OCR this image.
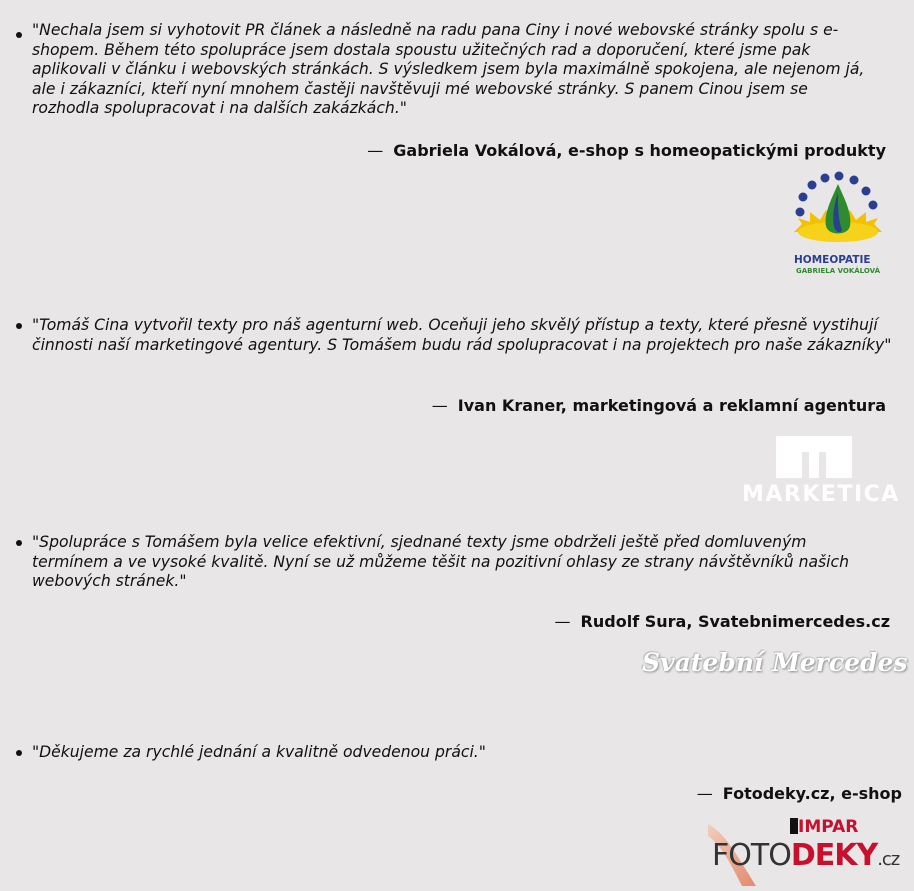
"Nechala jsem si vyhotovit PR článek a následně na radu pana Ciny i nové webovské stránky spolu s e-shopem. Během této spolupráce jsem dostala spoustu užitečných rad a doporučení, které jsme pak aplikovali v článku i webovských stránkách. S výsledkem jsem byla maximálně spokojena, ale nejenom já, ale i zákazníci, kteří nyní mnohem častěji navštěvuji mé webovské stránky. S panem Cinou jsem se rozhodla spolupracovat i na dalších zakázkách."

— Gabriela Vokálová, e-shop s homeopatickými produkty
HOMEOPATIE
GABRIELA VOKÁLOVÁ

"Tomáš Cina vytvořil texty pro náš agenturní web. Oceňuji jeho skvělý přístup a texty, které přesně vystihují činnosti naší marketingové agentury. S Tomášem budu rád spolupracovat i na projektech pro naše zákazníky"

— Ivan Kraner, marketingová a reklamní agentura
MARKETICA

"Spolupráce s Tomášem byla velice efektivní, sjednané texty jsme obdrželi ještě před domluveným termínem a ve vysoké kvalitě. Nyní se už můžeme těšit na pozitivní ohlasy ze strany návštěvníků našich webových stránek."

— Rudolf Sura, Svatebnimercedes.cz
Svatební Mercedes

"Děkujeme za rychlé jednání a kvalitně odvedenou práci."

— Fotodeky.cz, e-shop
IMPAR
FOTODEKY.cz
